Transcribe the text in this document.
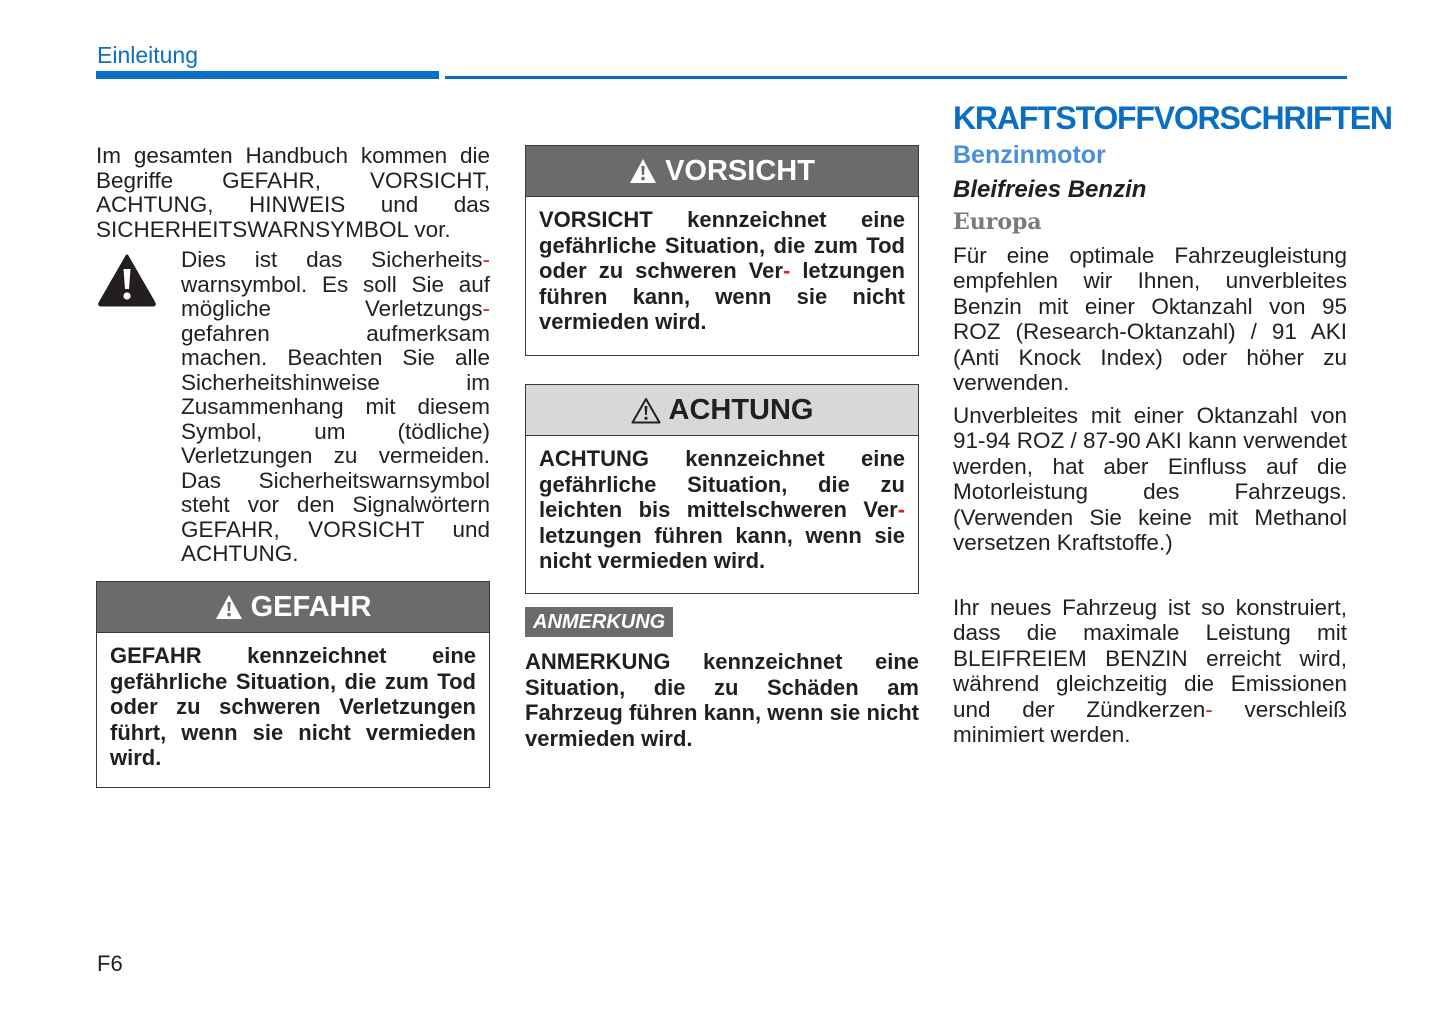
Einleitung
Im gesamten Handbuch kommen die Begriffe GEFAHR, VORSICHT, ACHTUNG, HINWEIS und das SICHERHEITSWARNSYMBOL vor.
Dies ist das Sicherheits- warnsymbol. Es soll Sie auf mögliche Verletzungs- gefahren aufmerksam machen. Beachten Sie alle Sicherheitshinweise im Zusammenhang mit diesem Symbol, um (tödliche) Verletzungen zu vermeiden. Das Sicherheitswarnsymbol steht vor den Signalwörtern GEFAHR, VORSICHT und ACHTUNG.
GEFAHR
GEFAHR kennzeichnet eine gefährliche Situation, die zum Tod oder zu schweren Verletzungen führt, wenn sie nicht vermieden wird.
VORSICHT
VORSICHT kennzeichnet eine gefährliche Situation, die zum Tod oder zu schweren Ver- letzungen führen kann, wenn sie nicht vermieden wird.
ACHTUNG
ACHTUNG kennzeichnet eine gefährliche Situation, die zu leichten bis mittelschweren Ver- letzungen führen kann, wenn sie nicht vermieden wird.
ANMERKUNG
ANMERKUNG kennzeichnet eine Situation, die zu Schäden am Fahrzeug führen kann, wenn sie nicht vermieden wird.
KRAFTSTOFFVORSCHRIFTEN
Benzinmotor
Bleifreies Benzin
Europa
Für eine optimale Fahrzeugleistung empfehlen wir Ihnen, unverbleites Benzin mit einer Oktanzahl von 95 ROZ (Research-Oktanzahl) / 91 AKI (Anti Knock Index) oder höher zu verwenden.
Unverbleites mit einer Oktanzahl von 91-94 ROZ / 87-90 AKI kann verwendet werden, hat aber Einfluss auf die Motorleistung des Fahrzeugs. (Verwenden Sie keine mit Methanol versetzen Kraftstoffe.)
Ihr neues Fahrzeug ist so konstruiert, dass die maximale Leistung mit BLEIFREIEM BENZIN erreicht wird, während gleichzeitig die Emissionen und der Zündkerzen- verschleiß minimiert werden.
F6
